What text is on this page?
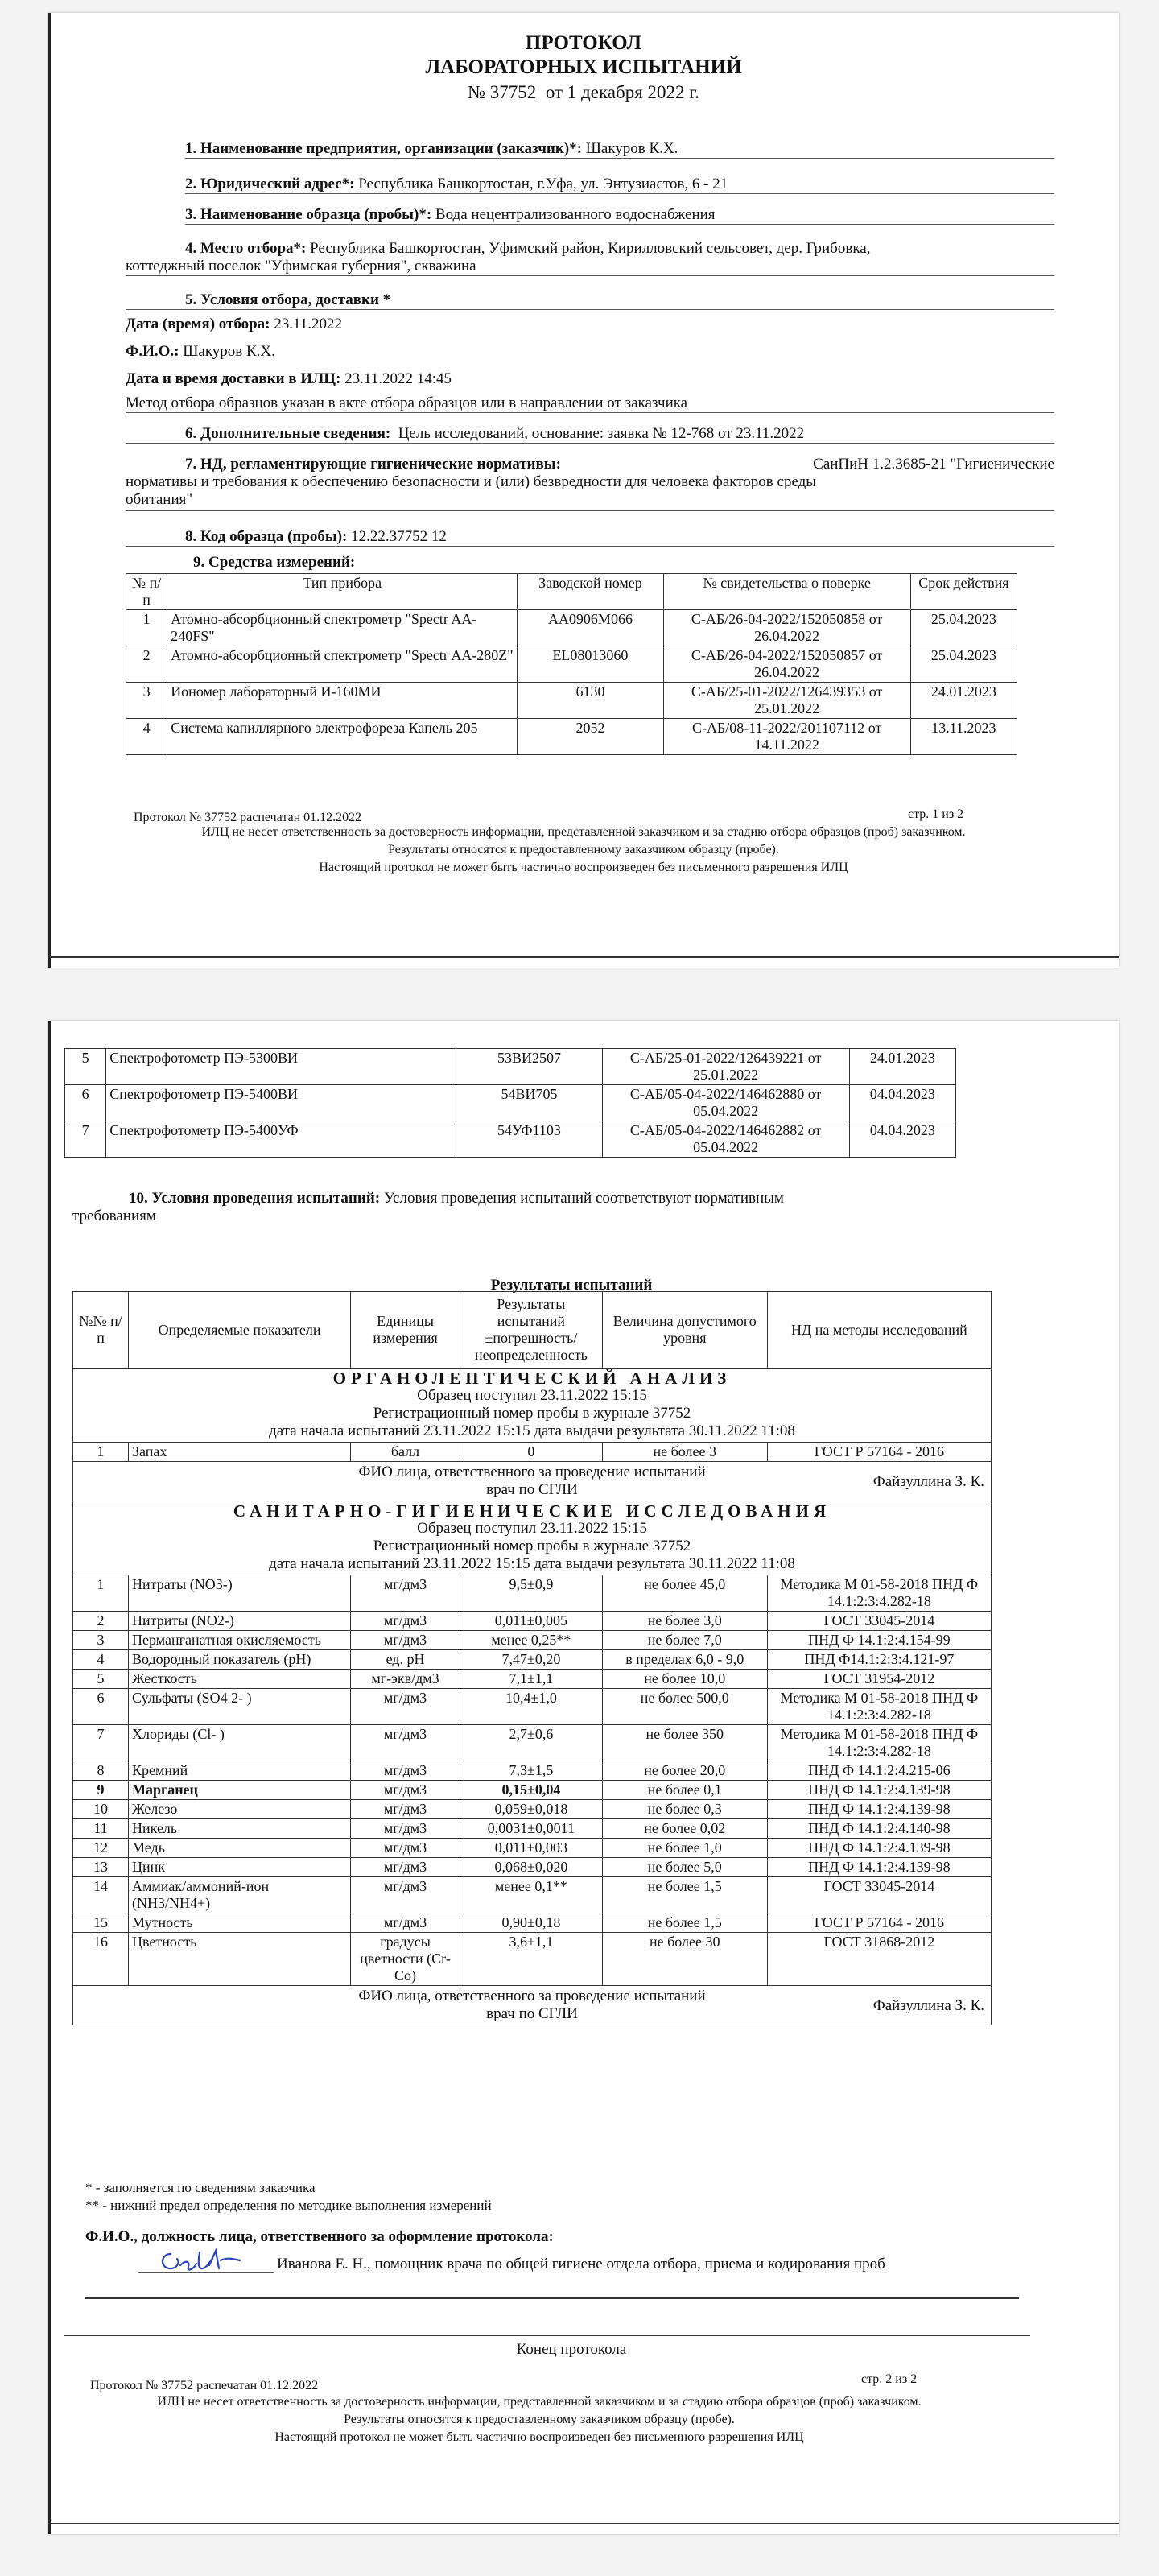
ПРОТОКОЛ
ЛАБОРАТОРНЫХ ИСПЫТАНИЙ
№ 37752 от 1 декабря 2022 г.
1. Наименование предприятия, организации (заказчик)*: Шакуров К.Х.
2. Юридический адрес*: Республика Башкортостан, г.Уфа, ул. Энтузиастов, 6 - 21
3. Наименование образца (пробы)*: Вода нецентрализованного водоснабжения
4. Место отбора*: Республика Башкортостан, Уфимский район, Кирилловский сельсовет, дер. Грибовка,
коттеджный поселок "Уфимская губерния", скважина
5. Условия отбора, доставки *
Дата (время) отбора: 23.11.2022
Ф.И.О.: Шакуров К.Х.
Дата и время доставки в ИЛЦ: 23.11.2022 14:45
Метод отбора образцов указан в акте отбора образцов или в направлении от заказчика
6. Дополнительные сведения: Цель исследований, основание: заявка № 12-768 от 23.11.2022
7. НД, регламентирующие гигиенические нормативы:	СанПиН 1.2.3685-21 "Гигиенические
нормативы и требования к обеспечению безопасности и (или) безвредности для человека факторов среды
обитания"
8. Код образца (пробы): 12.22.37752 12
9. Средства измерений:
№ п/п	Тип прибора	Заводской номер	№ свидетельства о поверке	Срок действия
1	Атомно-абсорбционный спектрометр "Spectr AA-240FS"	AA0906M066	С-АБ/26-04-2022/152050858 от 26.04.2022	25.04.2023
2	Атомно-абсорбционный спектрометр "Spectr AA-280Z"	EL08013060	С-АБ/26-04-2022/152050857 от 26.04.2022	25.04.2023
3	Иономер лабораторный И-160МИ	6130	С-АБ/25-01-2022/126439353 от 25.01.2022	24.01.2023
4	Система капиллярного электрофореза Капель 205	2052	С-АБ/08-11-2022/201107112 от 14.11.2022	13.11.2023
Протокол № 37752 распечатан 01.12.2022	стр. 1 из 2
ИЛЦ не несет ответственность за достоверность информации, представленной заказчиком и за стадию отбора образцов (проб) заказчиком.
Результаты относятся к предоставленному заказчиком образцу (пробе).
Настоящий протокол не может быть частично воспроизведен без письменного разрешения ИЛЦ
5	Спектрофотометр ПЭ-5300ВИ	53ВИ2507	С-АБ/25-01-2022/126439221 от 25.01.2022	24.01.2023
6	Спектрофотометр ПЭ-5400ВИ	54ВИ705	С-АБ/05-04-2022/146462880 от 05.04.2022	04.04.2023
7	Спектрофотометр ПЭ-5400УФ	54УФ1103	С-АБ/05-04-2022/146462882 от 05.04.2022	04.04.2023
10. Условия проведения испытаний: Условия проведения испытаний соответствуют нормативным
требованиям
Результаты испытаний
№№ п/п	Определяемые показатели	Единицы измерения	Результаты испытаний ±погрешность/ неопределенность	Величина допустимого уровня	НД на методы исследований

ОРГАНОЛЕПТИЧЕСКИЙ АНАЛИЗ
Образец поступил 23.11.2022 15:15
Регистрационный номер пробы в журнале 37752
дата начала испытаний 23.11.2022 15:15 дата выдачи результата 30.11.2022 11:08					

1	Запах	балл	0	не более 3	ГОСТ Р 57164 - 2016

ФИО лица, ответственного за проведение испытаний
врач по СГЛИ Файзуллина З. К.					

САНИТАРНО-ГИГИЕНИЧЕСКИЕ ИССЛЕДОВАНИЯ
Образец поступил 23.11.2022 15:15
Регистрационный номер пробы в журнале 37752
дата начала испытаний 23.11.2022 15:15 дата выдачи результата 30.11.2022 11:08					

1	Нитраты (NO3-)	мг/дм3	9,5±0,9	не более 45,0	Методика М 01-58-2018 ПНД Ф 14.1:2:3:4.282-18
2	Нитриты (NO2-)	мг/дм3	0,011±0,005	не более 3,0	ГОСТ 33045-2014
3	Перманганатная окисляемость	мг/дм3	менее 0,25**	не более 7,0	ПНД Ф 14.1:2:4.154-99
4	Водородный показатель (pH)	ед. pH	7,47±0,20	в пределах 6,0 - 9,0	ПНД Ф14.1:2:3:4.121-97
5	Жесткость	мг-экв/дм3	7,1±1,1	не более 10,0	ГОСТ 31954-2012
6	Сульфаты (SO4 2- )	мг/дм3	10,4±1,0	не более 500,0	Методика М 01-58-2018 ПНД Ф 14.1:2:3:4.282-18
7	Хлориды (Cl- )	мг/дм3	2,7±0,6	не более 350	Методика М 01-58-2018 ПНД Ф 14.1:2:3:4.282-18
8	Кремний	мг/дм3	7,3±1,5	не более 20,0	ПНД Ф 14.1:2:4.215-06
9	Марганец	мг/дм3	0,15±0,04	не более 0,1	ПНД Ф 14.1:2:4.139-98
10	Железо	мг/дм3	0,059±0,018	не более 0,3	ПНД Ф 14.1:2:4.139-98
11	Никель	мг/дм3	0,0031±0,0011	не более 0,02	ПНД Ф 14.1:2:4.140-98
12	Медь	мг/дм3	0,011±0,003	не более 1,0	ПНД Ф 14.1:2:4.139-98
13	Цинк	мг/дм3	0,068±0,020	не более 5,0	ПНД Ф 14.1:2:4.139-98
14	Аммиак/аммоний-ион (NH3/NH4+)	мг/дм3	менее 0,1**	не более 1,5	ГОСТ 33045-2014
15	Мутность	мг/дм3	0,90±0,18	не более 1,5	ГОСТ Р 57164 - 2016
16	Цветность	градусы цветности (Cr-Co)	3,6±1,1	не более 30	ГОСТ 31868-2012

ФИО лица, ответственного за проведение испытаний
врач по СГЛИ Файзуллина З. К.					
* - заполняется по сведениям заказчика
** - нижний предел определения по методике выполнения измерений
Ф.И.О., должность лица, ответственного за оформление протокола:
Иванова Е. Н., помощник врача по общей гигиене отдела отбора, приема и кодирования проб
Конец протокола
Протокол № 37752 распечатан 01.12.2022	стр. 2 из 2
ИЛЦ не несет ответственность за достоверность информации, представленной заказчиком и за стадию отбора образцов (проб) заказчиком.
Результаты относятся к предоставленному заказчиком образцу (пробе).
Настоящий протокол не может быть частично воспроизведен без письменного разрешения ИЛЦ
